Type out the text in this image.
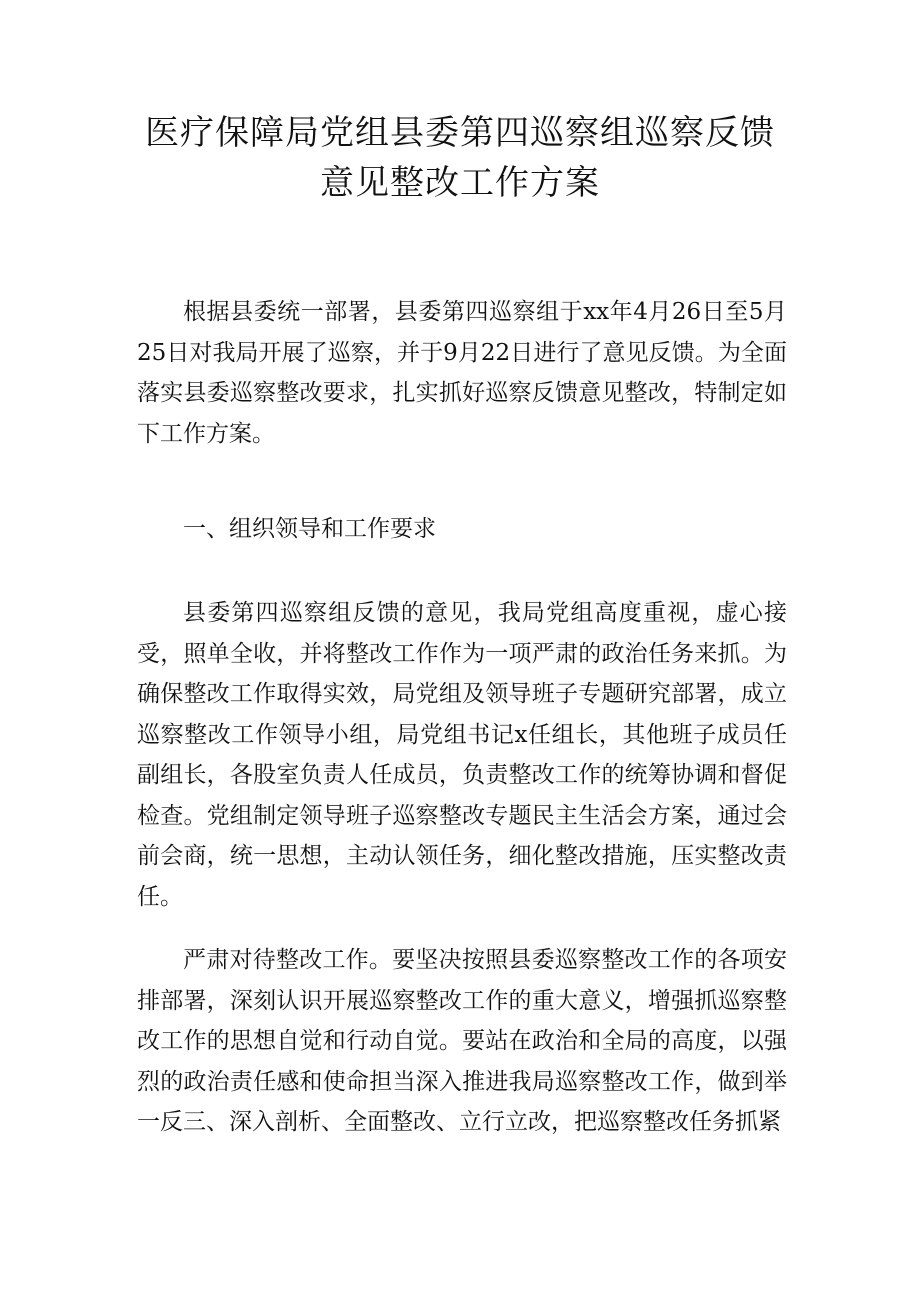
医疗保障局党组县委第四巡察组巡察反馈
意见整改工作方案

根据县委统一部署，县委第四巡察组于xx年4月26日至5月25日对我局开展了巡察，并于9月22日进行了意见反馈。为全面落实县委巡察整改要求，扎实抓好巡察反馈意见整改，特制定如下工作方案。

一、组织领导和工作要求

县委第四巡察组反馈的意见，我局党组高度重视，虚心接受，照单全收，并将整改工作作为一项严肃的政治任务来抓。为确保整改工作取得实效，局党组及领导班子专题研究部署，成立巡察整改工作领导小组，局党组书记x任组长，其他班子成员任副组长，各股室负责人任成员，负责整改工作的统筹协调和督促检查。党组制定领导班子巡察整改专题民主生活会方案，通过会前会商，统一思想，主动认领任务，细化整改措施，压实整改责任。

严肃对待整改工作。要坚决按照县委巡察整改工作的各项安排部署，深刻认识开展巡察整改工作的重大意义，增强抓巡察整改工作的思想自觉和行动自觉。要站在政治和全局的高度，以强烈的政治责任感和使命担当深入推进我局巡察整改工作，做到举一反三、深入剖析、全面整改、立行立改，把巡察整改任务抓紧
